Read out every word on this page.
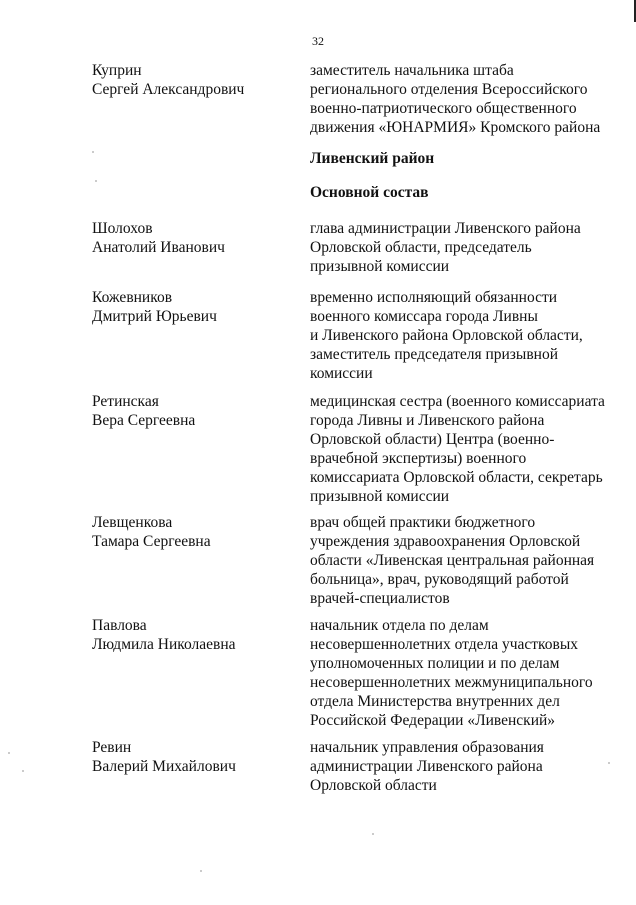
32
Куприн
Сергей Александрович
заместитель начальника штаба
регионального отделения Всероссийского
военно-патриотического общественного
движения «ЮНАРМИЯ» Кромского района
Ливенский район
Основной состав
Шолохов
Анатолий Иванович
глава администрации Ливенского района
Орловской области, председатель
призывной комиссии
Кожевников
Дмитрий Юрьевич
временно исполняющий обязанности
военного комиссара города Ливны
и Ливенского района Орловской области,
заместитель председателя призывной
комиссии
Ретинская
Вера Сергеевна
медицинская сестра (военного комиссариата
города Ливны и Ливенского района
Орловской области) Центра (военно-
врачебной экспертизы) военного
комиссариата Орловской области, секретарь
призывной комиссии
Левщенкова
Тамара Сергеевна
врач общей практики бюджетного
учреждения здравоохранения Орловской
области «Ливенская центральная районная
больница», врач, руководящий работой
врачей-специалистов
Павлова
Людмила Николаевна
начальник отдела по делам
несовершеннолетних отдела участковых
уполномоченных полиции и по делам
несовершеннолетних межмуниципального
отдела Министерства внутренних дел
Российской Федерации «Ливенский»
Ревин
Валерий Михайлович
начальник управления образования
администрации Ливенского района
Орловской области
